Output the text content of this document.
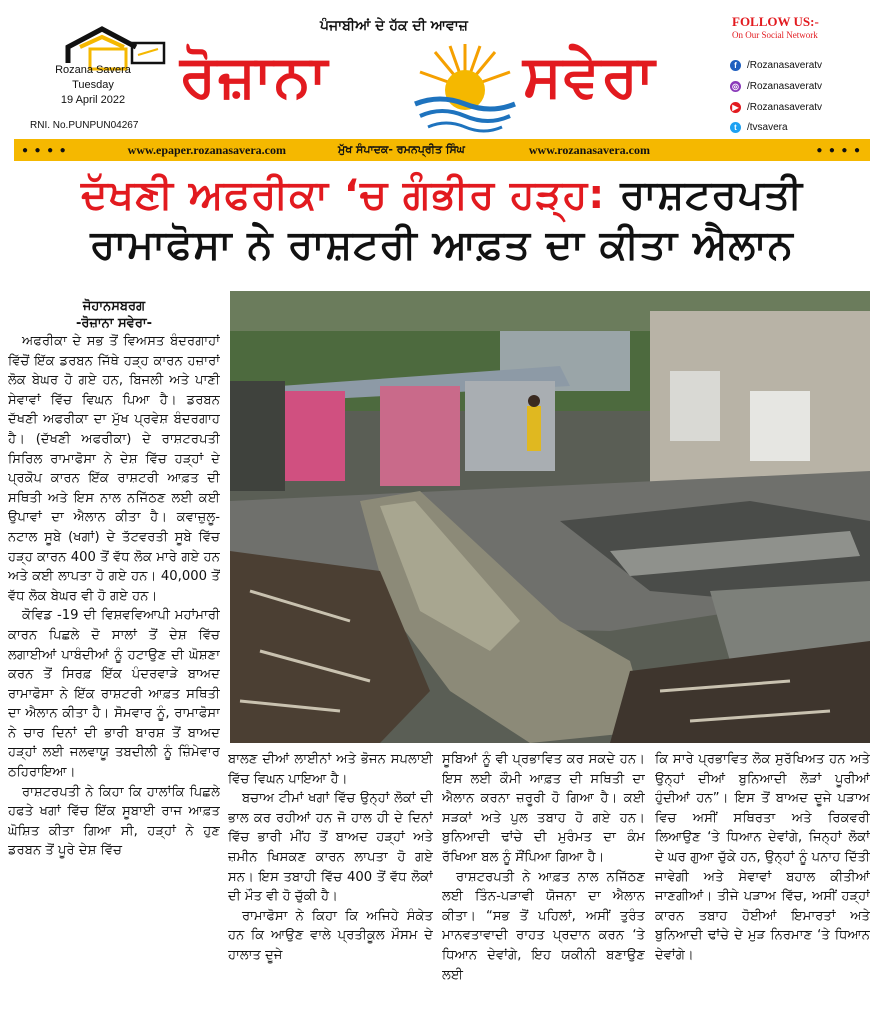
Rozana Savera
Tuesday
19 April 2022
RNI. No.PUNPUN04267
ਪੰਜਾਬੀਆਂ ਦੇ ਹੱਕ ਦੀ ਆਵਾਜ਼
ਰੋਜ਼ਾਨਾ	ਸਵੇਰਾ
FOLLOW US:-
On Our Social Network
f	/Rozanasaveratv
◎ /Rozanasaveratv
▶ /Rozanasaveratv
t	/tvsavera
● ● ● ●	www.epaper.rozanasavera.com	ਮੁੱਖ ਸੰਪਾਦਕ- ਰਮਨਪ੍ਰੀਤ ਸਿੰਘ	www.rozanasavera.com	● ● ● ●
ਦੱਖਣੀ ਅਫਰੀਕਾ ‘ਚ ਗੰਭੀਰ ਹੜ੍ਹ: ਰਾਸ਼ਟਰਪਤੀ
ਰਾਮਾਫੋਸਾ ਨੇ ਰਾਸ਼ਟਰੀ ਆਫ਼ਤ ਦਾ ਕੀਤਾ ਐਲਾਨ
ਜੋਹਾਨਸਬਰਗ
-ਰੋਜ਼ਾਨਾ ਸਵੇਰਾ-

ਅਫਰੀਕਾ ਦੇ ਸਭ ਤੋਂ ਵਿਅਸਤ ਬੰਦਰਗਾਹਾਂ ਵਿੱਚੋਂ ਇੱਕ ਡਰਬਨ ਜਿੱਥੇ ਹੜ੍ਹ ਕਾਰਨ ਹਜ਼ਾਰਾਂ ਲੋਕ ਬੇਘਰ ਹੋ ਗਏ ਹਨ, ਬਿਜਲੀ ਅਤੇ ਪਾਣੀ ਸੇਵਾਵਾਂ ਵਿੱਚ ਵਿਘਨ ਪਿਆ ਹੈ। ਡਰਬਨ ਦੱਖਣੀ ਅਫਰੀਕਾ ਦਾ ਮੁੱਖ ਪ੍ਰਵੇਸ਼ ਬੰਦਰਗਾਹ ਹੈ। (ਦੱਖਣੀ ਅਫਰੀਕਾ) ਦੇ ਰਾਸ਼ਟਰਪਤੀ ਸਿਰਿਲ ਰਾਮਾਫੋਸਾ ਨੇ ਦੇਸ਼ ਵਿੱਚ ਹੜ੍ਹਾਂ ਦੇ ਪ੍ਰਕੋਪ ਕਾਰਨ ਇੱਕ ਰਾਸ਼ਟਰੀ ਆਫ਼ਤ ਦੀ ਸਥਿਤੀ ਅਤੇ ਇਸ ਨਾਲ ਨਜਿੱਠਣ ਲਈ ਕਈ ਉਪਾਵਾਂ ਦਾ ਐਲਾਨ ਕੀਤਾ ਹੈ। ਕਵਾਜ਼ੁਲੂ-ਨਟਾਲ ਸੂਬੇ (ਖਗਾਂ) ਦੇ ਤੱਟਵਰਤੀ ਸੂਬੇ ਵਿੱਚ ਹੜ੍ਹ ਕਾਰਨ 400 ਤੋਂ ਵੱਧ ਲੋਕ ਮਾਰੇ ਗਏ ਹਨ ਅਤੇ ਕਈ ਲਾਪਤਾ ਹੋ ਗਏ ਹਨ। 40,000 ਤੋਂ ਵੱਧ ਲੋਕ ਬੇਘਰ ਵੀ ਹੋ ਗਏ ਹਨ।

ਕੋਵਿਡ -19 ਦੀ ਵਿਸ਼ਵਵਿਆਪੀ ਮਹਾਂਮਾਰੀ ਕਾਰਨ ਪਿਛਲੇ ਦੋ ਸਾਲਾਂ ਤੋਂ ਦੇਸ਼ ਵਿੱਚ ਲਗਾਈਆਂ ਪਾਬੰਦੀਆਂ ਨੂੰ ਹਟਾਉਣ ਦੀ ਘੋਸ਼ਣਾ ਕਰਨ ਤੋਂ ਸਿਰਫ਼ ਇੱਕ ਪੰਦਰਵਾੜੇ ਬਾਅਦ ਰਾਮਾਫੋਸਾ ਨੇ ਇੱਕ ਰਾਸ਼ਟਰੀ ਆਫ਼ਤ ਸਥਿਤੀ ਦਾ ਐਲਾਨ ਕੀਤਾ ਹੈ। ਸੋਮਵਾਰ ਨੂੰ, ਰਾਮਾਫੋਸਾ ਨੇ ਚਾਰ ਦਿਨਾਂ ਦੀ ਭਾਰੀ ਬਾਰਸ਼ ਤੋਂ ਬਾਅਦ ਹੜ੍ਹਾਂ ਲਈ ਜਲਵਾਯੂ ਤਬਦੀਲੀ ਨੂੰ ਜ਼ਿੰਮੇਵਾਰ ਠਹਿਰਾਇਆ।

ਰਾਸ਼ਟਰਪਤੀ ਨੇ ਕਿਹਾ ਕਿ ਹਾਲਾਂਕਿ ਪਿਛਲੇ ਹਫਤੇ ਖਗਾਂ ਵਿੱਚ ਇੱਕ ਸੂਬਾਈ ਰਾਜ ਆਫ਼ਤ ਘੋਸ਼ਿਤ ਕੀਤਾ ਗਿਆ ਸੀ, ਹੜ੍ਹਾਂ ਨੇ ਹੁਣ ਡਰਬਨ ਤੋਂ ਪੂਰੇ ਦੇਸ਼ ਵਿੱਚ

ਬਾਲਣ ਦੀਆਂ ਲਾਈਨਾਂ ਅਤੇ ਭੋਜਨ ਸਪਲਾਈ ਵਿੱਚ ਵਿਘਨ ਪਾਇਆ ਹੈ।

ਬਚਾਅ ਟੀਮਾਂ ਖਗਾਂ ਵਿੱਚ ਉਨ੍ਹਾਂ ਲੋਕਾਂ ਦੀ ਭਾਲ ਕਰ ਰਹੀਆਂ ਹਨ ਜੋ ਹਾਲ ਹੀ ਦੇ ਦਿਨਾਂ ਵਿੱਚ ਭਾਰੀ ਮੀਂਹ ਤੋਂ ਬਾਅਦ ਹੜ੍ਹਾਂ ਅਤੇ ਜ਼ਮੀਨ ਖਿਸਕਣ ਕਾਰਨ ਲਾਪਤਾ ਹੋ ਗਏ ਸਨ। ਇਸ ਤਬਾਹੀ ਵਿੱਚ 400 ਤੋਂ ਵੱਧ ਲੋਕਾਂ ਦੀ ਮੌਤ ਵੀ ਹੋ ਚੁੱਕੀ ਹੈ।

ਰਾਮਾਫੋਸਾ ਨੇ ਕਿਹਾ ਕਿ ਅਜਿਹੇ ਸੰਕੇਤ ਹਨ ਕਿ ਆਉਣ ਵਾਲੇ ਪ੍ਰਤੀਕੂਲ ਮੌਸਮ ਦੇ ਹਾਲਾਤ ਦੂਜੇ

ਸੂਬਿਆਂ ਨੂੰ ਵੀ ਪ੍ਰਭਾਵਿਤ ਕਰ ਸਕਦੇ ਹਨ। ਇਸ ਲਈ ਕੌਮੀ ਆਫ਼ਤ ਦੀ ਸਥਿਤੀ ਦਾ ਐਲਾਨ ਕਰਨਾ ਜ਼ਰੂਰੀ ਹੋ ਗਿਆ ਹੈ। ਕਈ ਸੜਕਾਂ ਅਤੇ ਪੁਲ ਤਬਾਹ ਹੋ ਗਏ ਹਨ। ਬੁਨਿਆਦੀ ਢਾਂਚੇ ਦੀ ਮੁਰੰਮਤ ਦਾ ਕੰਮ ਰੱਖਿਆ ਬਲ ਨੂੰ ਸੌਂਪਿਆ ਗਿਆ ਹੈ।

ਰਾਸ਼ਟਰਪਤੀ ਨੇ ਆਫ਼ਤ ਨਾਲ ਨਜਿੱਠਣ ਲਈ ਤਿੰਨ-ਪੜਾਵੀ ਯੋਜਨਾ ਦਾ ਐਲਾਨ ਕੀਤਾ। “ਸਭ ਤੋਂ ਪਹਿਲਾਂ, ਅਸੀਂ ਤੁਰੰਤ ਮਾਨਵਤਾਵਾਦੀ ਰਾਹਤ ਪ੍ਰਦਾਨ ਕਰਨ ‘ਤੇ ਧਿਆਨ ਦੇਵਾਂਗੇ, ਇਹ ਯਕੀਨੀ ਬਣਾਉਣ ਲਈ

ਕਿ ਸਾਰੇ ਪ੍ਰਭਾਵਿਤ ਲੋਕ ਸੁਰੱਖਿਅਤ ਹਨ ਅਤੇ ਉਨ੍ਹਾਂ ਦੀਆਂ ਬੁਨਿਆਦੀ ਲੋੜਾਂ ਪੂਰੀਆਂ ਹੁੰਦੀਆਂ ਹਨ”। ਇਸ ਤੋਂ ਬਾਅਦ ਦੂਜੇ ਪੜਾਅ ਵਿਚ ਅਸੀਂ ਸਥਿਰਤਾ ਅਤੇ ਰਿਕਵਰੀ ਲਿਆਉਣ ‘ਤੇ ਧਿਆਨ ਦੇਵਾਂਗੇ, ਜਿਨ੍ਹਾਂ ਲੋਕਾਂ ਦੇ ਘਰ ਗੁਆ ਚੁੱਕੇ ਹਨ, ਉਨ੍ਹਾਂ ਨੂੰ ਪਨਾਹ ਦਿੱਤੀ ਜਾਵੇਗੀ ਅਤੇ ਸੇਵਾਵਾਂ ਬਹਾਲ ਕੀਤੀਆਂ ਜਾਣਗੀਆਂ। ਤੀਜੇ ਪੜਾਅ ਵਿੱਚ, ਅਸੀਂ ਹੜ੍ਹਾਂ ਕਾਰਨ ਤਬਾਹ ਹੋਈਆਂ ਇਮਾਰਤਾਂ ਅਤੇ ਬੁਨਿਆਦੀ ਢਾਂਚੇ ਦੇ ਮੁੜ ਨਿਰਮਾਣ ‘ਤੇ ਧਿਆਨ ਦੇਵਾਂਗੇ।
